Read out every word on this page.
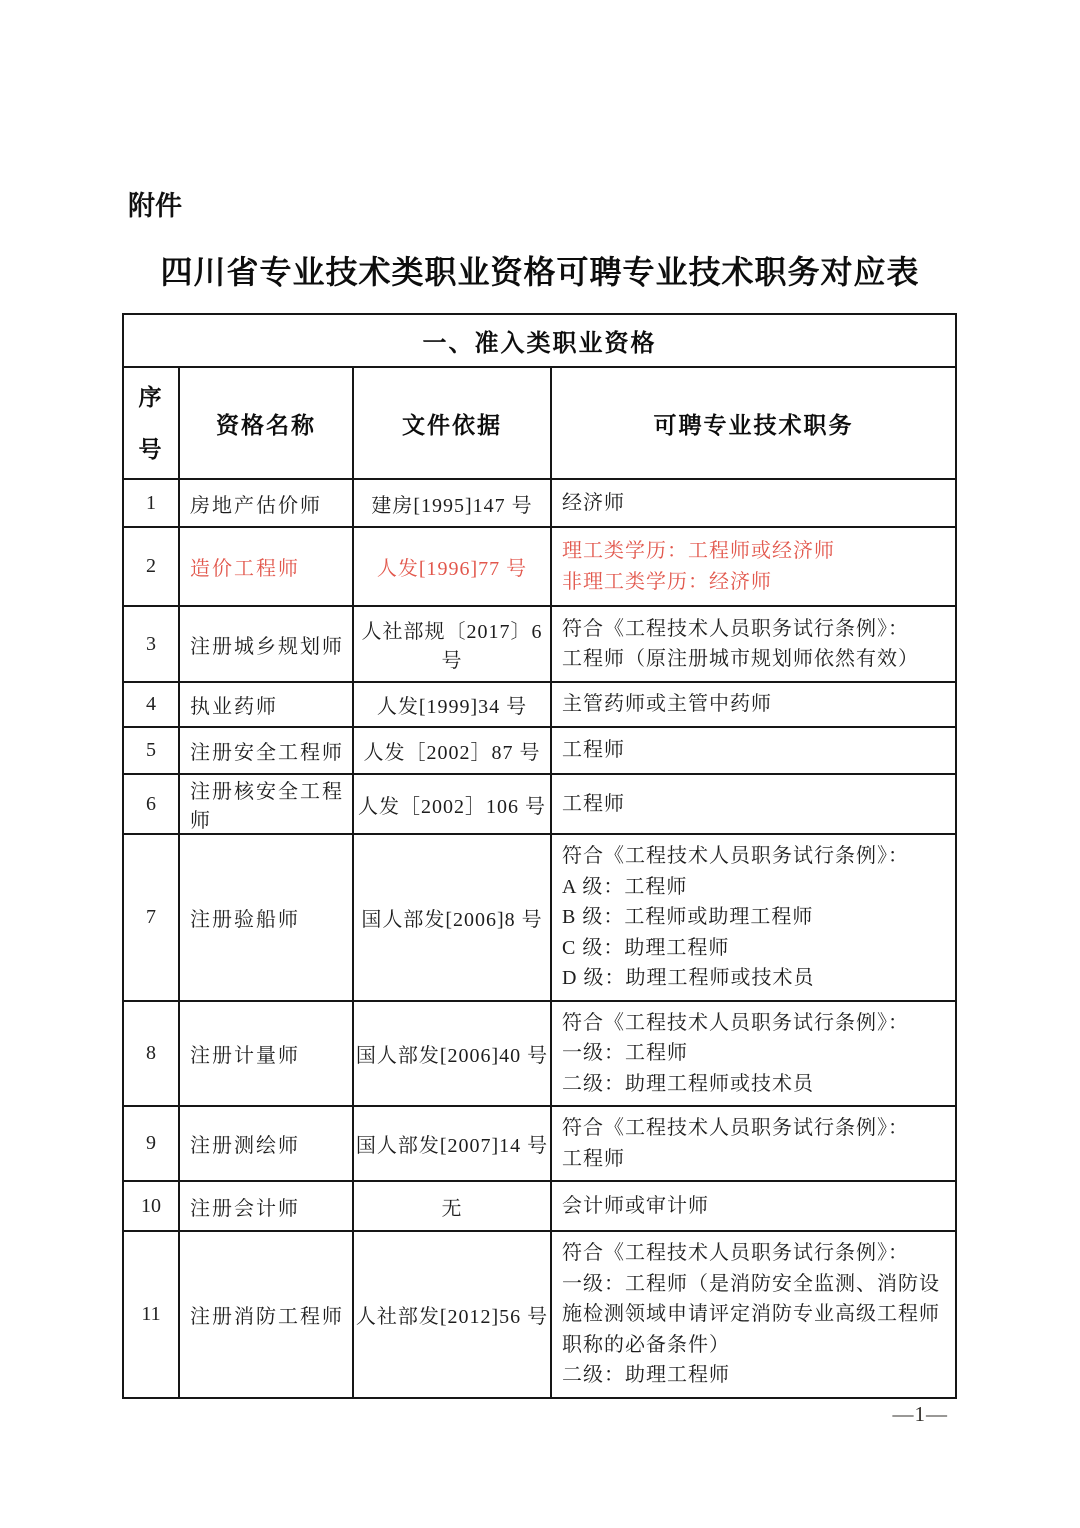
附件
四川省专业技术类职业资格可聘专业技术职务对应表
一、准入类职业资格			

序
号	资格名称	文件依据	可聘专业技术职务
1	房地产估价师	建房[1995]147 号	经济师

2	造价工程师	人发[1996]77 号	理工类学历：工程师或经济师
非理工类学历：经济师

3	注册城乡规划师	人社部规〔2017〕6 号	符合《工程技术人员职务试行条例》：
工程师（原注册城市规划师依然有效）

4	执业药师	人发[1999]34 号	主管药师或主管中药师

5	注册安全工程师	人发［2002］87 号	工程师

6	注册核安全工程师	人发［2002］106 号	工程师

7	注册验船师	国人部发[2006]8 号	符合《工程技术人员职务试行条例》：
A 级：工程师
B 级：工程师或助理工程师
C 级：助理工程师
D 级：助理工程师或技术员

8	注册计量师	国人部发[2006]40 号	符合《工程技术人员职务试行条例》：
一级：工程师
二级：助理工程师或技术员

9	注册测绘师	国人部发[2007]14 号	符合《工程技术人员职务试行条例》：
工程师

10	注册会计师	无	会计师或审计师

11	注册消防工程师	人社部发[2012]56 号	符合《工程技术人员职务试行条例》：
一级：工程师（是消防安全监测、消防设施检测领域申请评定消防专业高级工程师职称的必备条件）
二级：助理工程师
—1—
